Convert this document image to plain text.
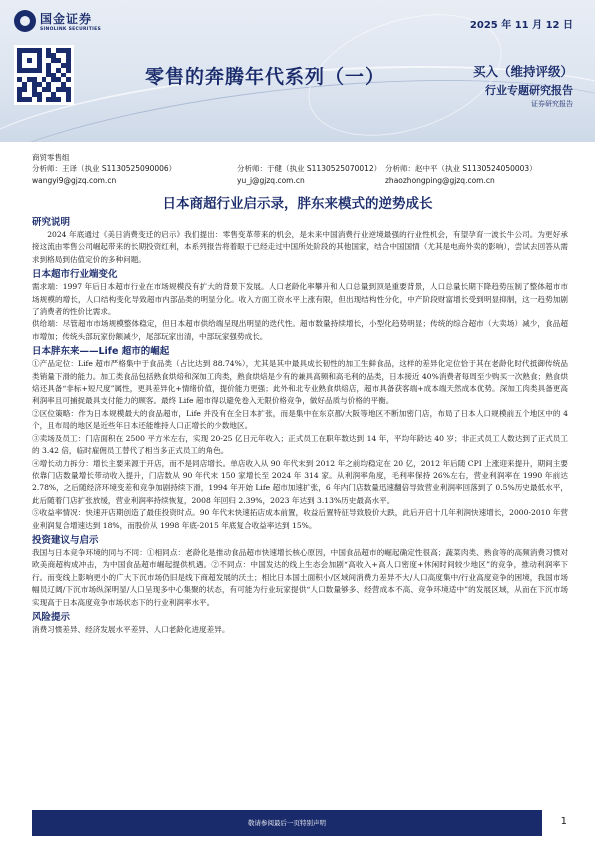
国金证券
SINOLINK SECURITIES	2025 年 11 月 12 日
零售的奔腾年代系列（一）	买入（维持评级）
行业专题研究报告
证券研究报告
商贸零售组
分析师：王译（执业 S1130525090006）
wangyi9@gjzq.com.cn
分析师：于健（执业 S1130525070012）
yu_j@gjzq.com.cn
分析师：赵中平（执业 S1130524050003）
zhaozhongping@gjzq.com.cn
日本商超行业启示录，胖东来模式的逆势成长
研究说明

2024 年底通过《美日消费变迁的启示》我们提出：零售变革带来的机会，是未来中国消费行业逆境最强的行业性机会，有望孕育一波长牛公司。为更好承接这流由零售公司崛起带来的长期投资红利，本系列报告将着眼于已经走过中国所处阶段的其他国家，结合中国国情（尤其是电商外卖的影响），尝试去回答从需求到格局到估值定价的多种问题。

日本超市行业端变化

需求端：1997 年后日本超市行业在市场规模没有扩大的背景下发展。人口老龄化率攀升和人口总量到顶是重要背景，人口总量长期下降趋势压制了整体超市市场规模的增长，人口结构变化导致超市内部品类的明显分化。收入方面工资水平上涨有限，但出现结构性分化，中产阶段财富增长受到明显抑制，这一趋势加剧了消费者的性价比需求。

供给端：尽管超市市场规模整体稳定，但日本超市供给端呈现出明显的迭代性。超市数量持续增长，小型化趋势明显；传统的综合超市（大卖场）减少，食品超市增加；传统头部玩家份额减少，尾部玩家出清，中部玩家强势成长。

日本胖东来——Life 超市的崛起

①产品定位：Life 超市严格集中于食品类（占比达到 88.74%），尤其是其中最具成长韧性的加工生鲜食品，这样的差异化定位恰于其在老龄化时代抵御传统品类销量下滑的能力。加工类食品包括熟食烘焙和深加工肉类，熟食烘焙是少有的兼具高频和高毛利的品类，日本接近 40%消费者每周至少购买一次熟食；熟食烘焙还具备“非标+短尺度”属性，更具差异化+情绪价值，提价能力更强；此外和北专业熟食烘焙店，超市具备获客端+成本端天然成本优势。深加工肉类具备更高利润率且可捕捉最具支付能力的顾客。最终 Life 超市得以避免卷入无限价格竞争，做好品质与价格的平衡。

②区位策略：作为日本规模最大的食品超市，Life 并没有在全日本扩张，而是集中在东京都/大阪等地区不断加密门店，布局了日本人口规模前五个地区中的 4 个，且布局的地区是近些年日本还能维持人口正增长的少数地区。

③卖场及员工：门店面积在 2500 平方米左右，实现 20-25 亿日元年收入；正式员工在职年数达到 14 年，平均年龄达 40 岁；非正式员工人数达到了正式员工的 3.42 倍，临时雇佣员工替代了相当多正式员工的角色。

④增长动力拆分：增长主要来源于开店，而不是同店增长。单店收入从 90 年代末到 2012 年之前均稳定在 20 亿，2012 年后随 CPI 上涨迎来提升，期间主要依靠门店数量增长带动收入提升，门店数从 90 年代末 150 家增长至 2024 年 314 家。从利润率角度，毛利率保持 26%左右，营业利润率在 1990 年前达 2.78%，之后随经济环境变差和竞争加剧持续下滑，1994 年开始 Life 超市加速扩张，6 年内门店数量迅速翻倍导致营业利润率回落到了 0.5%历史最低水平，此后随着门店扩张放缓，营业利润率持续恢复，2008 年回归 2.39%，2023 年达到 3.13%历史最高水平。

⑤收益率情况：快速开店期创造了最佳投资时点。90 年代末快速拓店成本前置，收益后置特征导致股价大跌，此后开启十几年利润快速增长，2000-2010 年营业利润复合增速达到 18%，而股价从 1998 年底-2015 年底复合收益率达到 15%。

投资建议与启示

我国与日本竞争环境的同与不同：①相同点：老龄化是推动食品超市快速增长核心原因，中国食品超市的崛起确定性很高；蔬菜肉类、熟食等的高频消费习惯对欧美商超构成冲击，为中国食品超市崛起提供机遇。②不同点：中国发达的线上生态会加剧“高收入+高人口密度+休闲时间较少地区”的竞争，推动利润率下行。而变线上影响更小的广大下沉市场仍旧是线下商超发展的沃土；相比日本国土面积小/区域间消费力差异不大/人口高度集中/行业高度竞争的困境，我国市场幅员辽阔/下沉市场纵深明显/人口呈现多中心集聚的状态，有可能为行业玩家提供“人口数量够多、经营成本不高、竞争环境适中”的发展区域，从而在下沉市场实现高于日本高度竞争市场状态下的行业利润率水平。

风险提示

消费习惯差异、经济发展水平差异、人口老龄化进度差异。

敬请参阅最后一页特别声明	1
